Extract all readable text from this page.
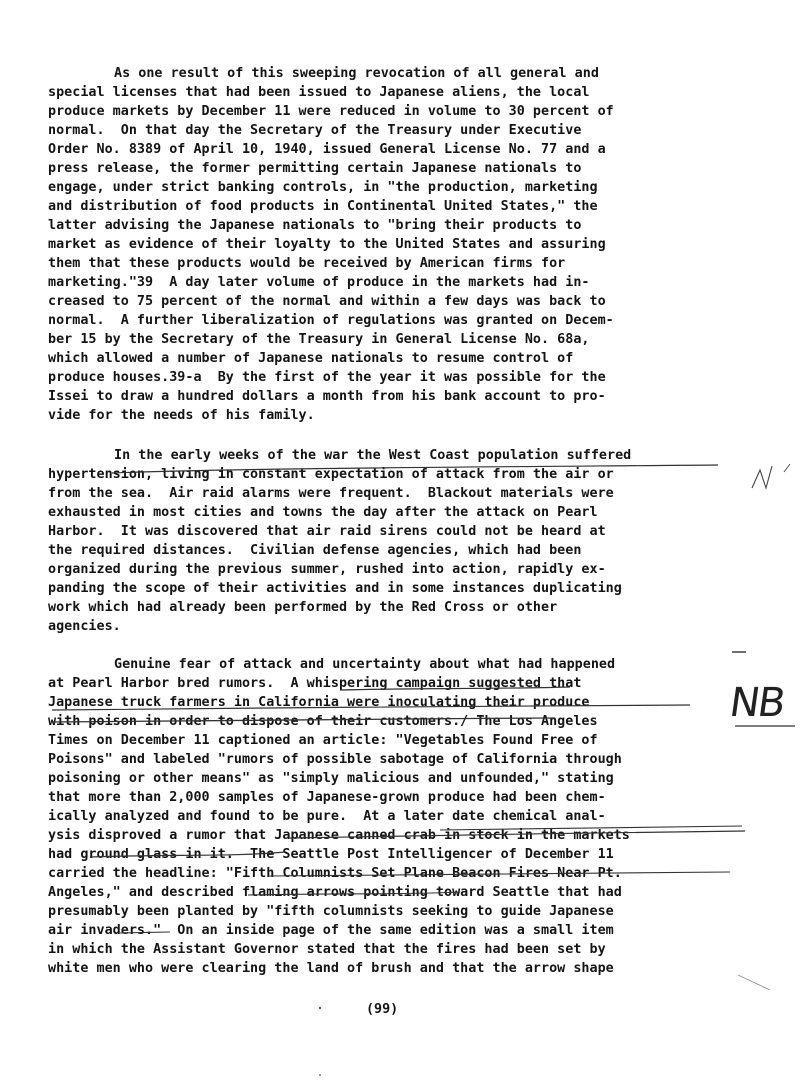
As one result of this sweeping revocation of all general and
special licenses that had been issued to Japanese aliens, the local
produce markets by December 11 were reduced in volume to 30 percent of
normal.  On that day the Secretary of the Treasury under Executive
Order No. 8389 of April 10, 1940, issued General License No. 77 and a
press release, the former permitting certain Japanese nationals to
engage, under strict banking controls, in "the production, marketing
and distribution of food products in Continental United States," the
latter advising the Japanese nationals to "bring their products to
market as evidence of their loyalty to the United States and assuring
them that these products would be received by American firms for
marketing."39  A day later volume of produce in the markets had in-
creased to 75 percent of the normal and within a few days was back to
normal.  A further liberalization of regulations was granted on Decem-
ber 15 by the Secretary of the Treasury in General License No. 68a,
which allowed a number of Japanese nationals to resume control of
produce houses.39-a  By the first of the year it was possible for the
Issei to draw a hundred dollars a month from his bank account to pro-
vide for the needs of his family.
In the early weeks of the war the West Coast population suffered
hypertension, living in constant expectation of attack from the air or
from the sea.  Air raid alarms were frequent.  Blackout materials were
exhausted in most cities and towns the day after the attack on Pearl
Harbor.  It was discovered that air raid sirens could not be heard at
the required distances.  Civilian defense agencies, which had been
organized during the previous summer, rushed into action, rapidly ex-
panding the scope of their activities and in some instances duplicating
work which had already been performed by the Red Cross or other
agencies.
Genuine fear of attack and uncertainty about what had happened
at Pearl Harbor bred rumors.  A whispering campaign suggested that
Japanese truck farmers in California were inoculating their produce
with poison in order to dispose of their customers./ The Los Angeles
Times on December 11 captioned an article: "Vegetables Found Free of
Poisons" and labeled "rumors of possible sabotage of California through
poisoning or other means" as "simply malicious and unfounded," stating
that more than 2,000 samples of Japanese-grown produce had been chem-
ically analyzed and found to be pure.  At a later date chemical anal-
ysis disproved a rumor that Japanese canned crab in stock in the markets
had ground glass in it.  The Seattle Post Intelligencer of December 11
carried the headline: "Fifth Columnists Set Plane Beacon Fires Near Pt.
Angeles," and described flaming arrows pointing toward Seattle that had
presumably been planted by "fifth columnists seeking to guide Japanese
air invaders."  On an inside page of the same edition was a small item
in which the Assistant Governor stated that the fires had been set by
white men who were clearing the land of brush and that the arrow shape
(99)
NB
